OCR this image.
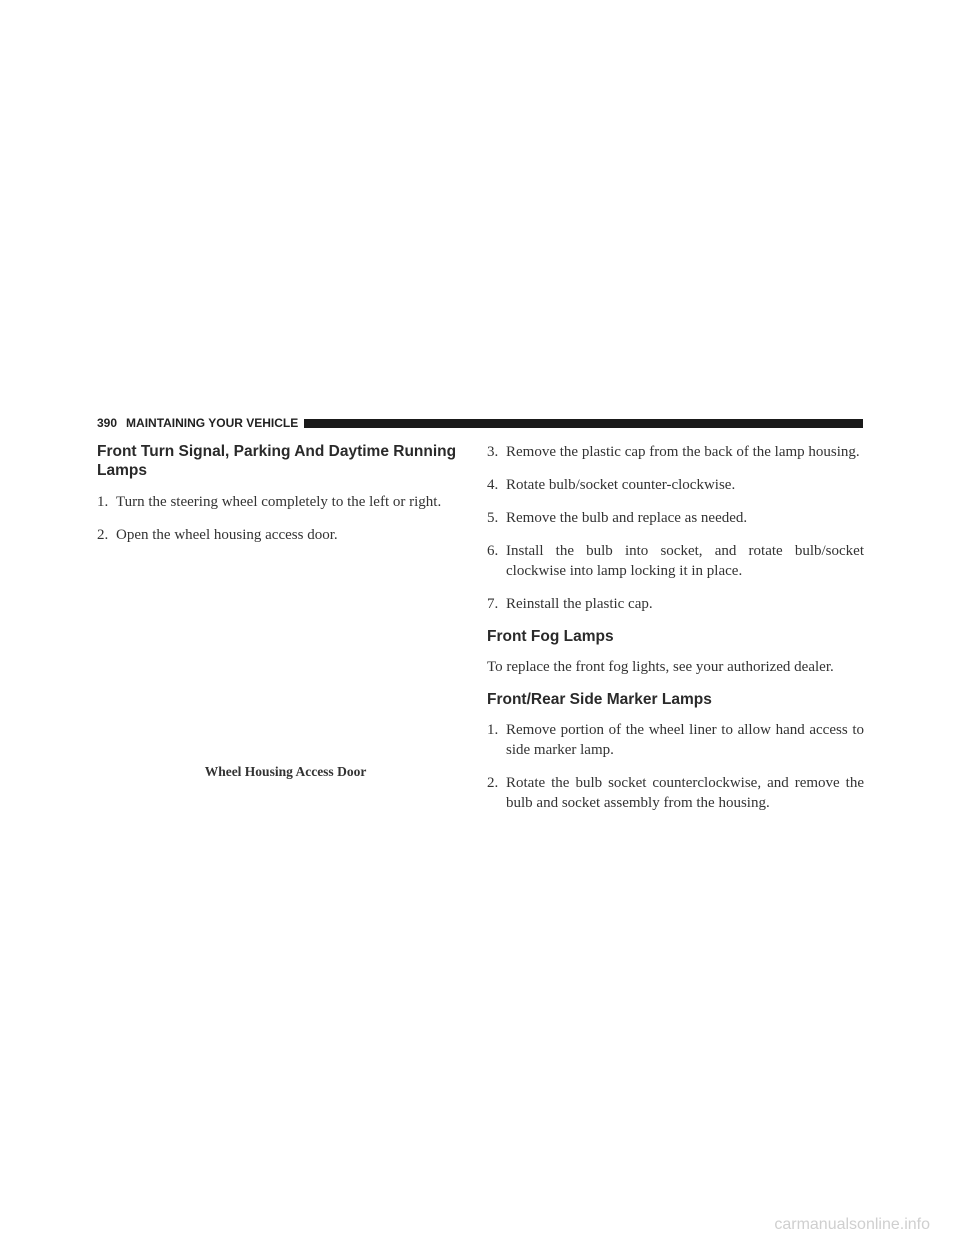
390 MAINTAINING YOUR VEHICLE
Front Turn Signal, Parking And Daytime Running Lamps

1. Turn the steering wheel completely to the left or right.

2. Open the wheel housing access door.

Wheel Housing Access Door

3. Remove the plastic cap from the back of the lamp housing.

4. Rotate bulb/socket counter-clockwise.

5. Remove the bulb and replace as needed.

6. Install the bulb into socket, and rotate bulb/socket clockwise into lamp locking it in place.

7. Reinstall the plastic cap.

Front Fog Lamps

To replace the front fog lights, see your authorized dealer.

Front/Rear Side Marker Lamps

1. Remove portion of the wheel liner to allow hand access to side marker lamp.

2. Rotate the bulb socket counterclockwise, and remove the bulb and socket assembly from the housing.

carmanualsonline.info
